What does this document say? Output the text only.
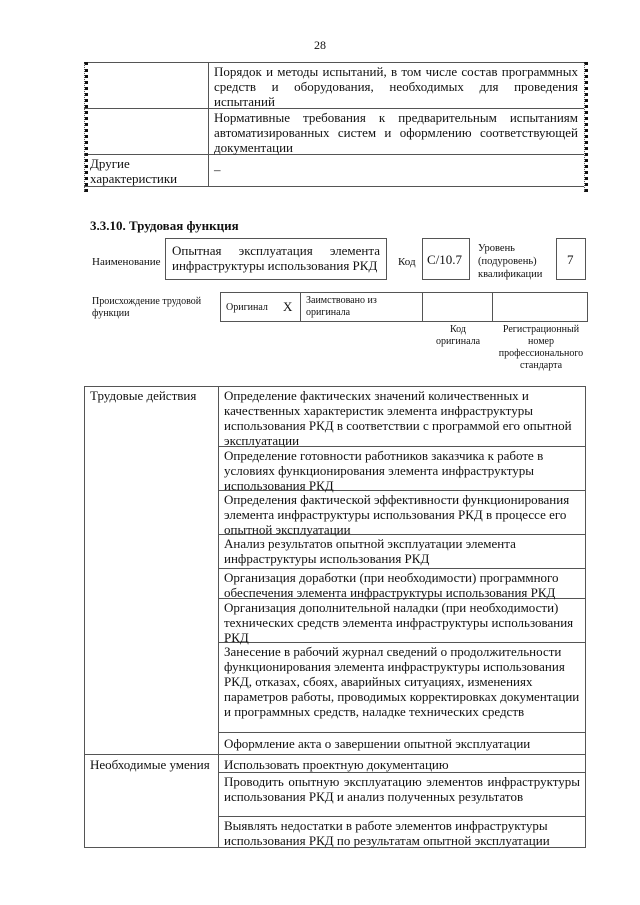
28
Порядок и методы испытаний, в том числе состав программных средств и оборудования, необходимых для проведения испытаний
Нормативные требования к предварительным испытаниям автоматизированных систем и оформлению соответствующей документации
Другие характеристики
–
3.3.10. Трудовая функция
Наименование
Опытная эксплуатация элемента инфраструктуры использования РКД Код C/10.7
Уровень (подуровень) квалификации
7
Происхождение трудовой функции
Оригинал X Заимствовано из оригинала
Код оригинала
Регистрационный номер профессионального стандарта
Трудовые действия
Необходимые умения
Определение фактических значений количественных и качественных характеристик элемента инфраструктуры использования РКД в соответствии с программой его опытной эксплуатации
Определение готовности работников заказчика к работе в условиях функционирования элемента инфраструктуры использования РКД
Определения фактической эффективности функционирования элемента инфраструктуры использования РКД в процессе его опытной эксплуатации
Анализ результатов опытной эксплуатации элемента инфраструктуры использования РКД
Организация доработки (при необходимости) программного обеспечения элемента инфраструктуры использования РКД
Организация дополнительной наладки (при необходимости) технических средств элемента инфраструктуры использования РКД
Занесение в рабочий журнал сведений о продолжительности функционирования элемента инфраструктуры использования РКД, отказах, сбоях, аварийных ситуациях, изменениях параметров работы, проводимых корректировках документации и программных средств, наладке технических средств
Оформление акта о завершении опытной эксплуатации
Использовать проектную документацию
Проводить опытную эксплуатацию элементов инфраструктуры использования РКД и анализ полученных результатов
Выявлять недостатки в работе элементов инфраструктуры использования РКД по результатам опытной эксплуатации
